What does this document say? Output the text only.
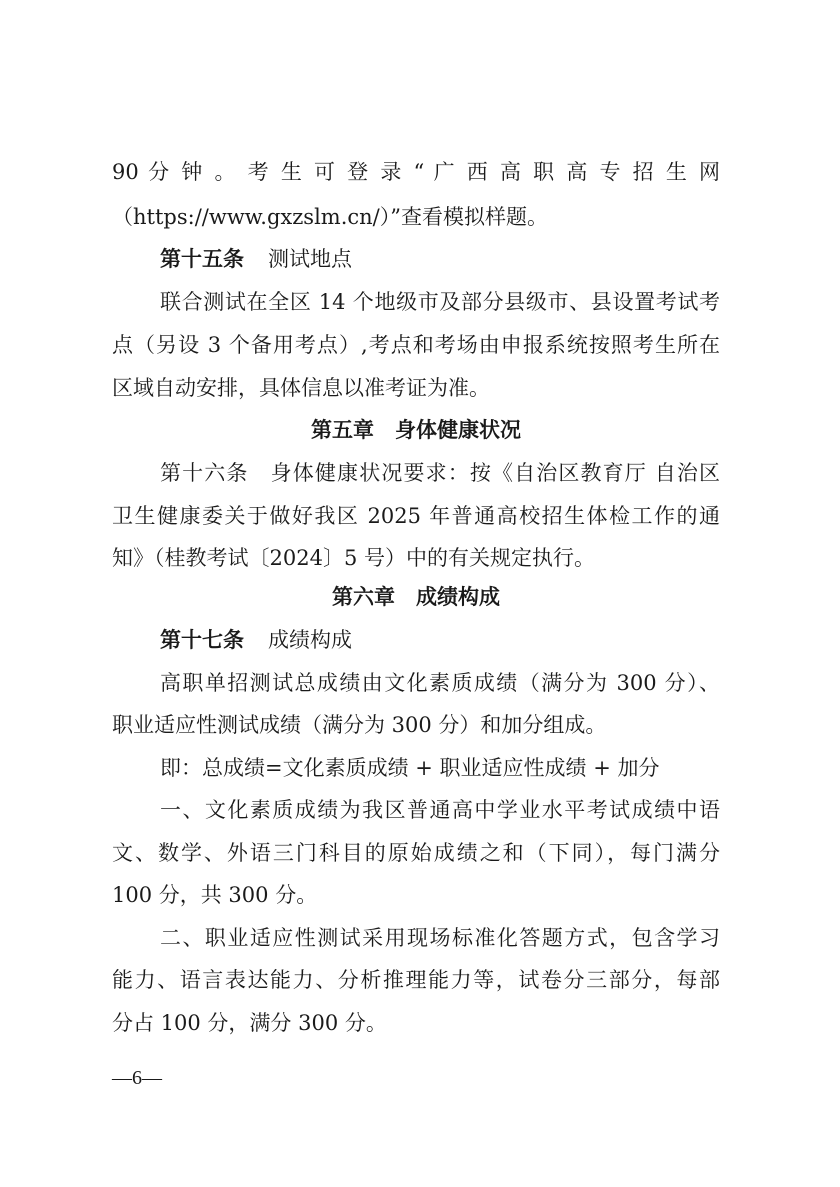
90 分 钟 。 考 生 可 登 录 “ 广 西 高 职 高 专 招 生 网
（https://www.gxzslm.cn/）”查看模拟样题。
第十五条 测试地点
联合测试在全区 14 个地级市及部分县级市、县设置考试考
点（另设 3 个备用考点）,考点和考场由申报系统按照考生所在
区域自动安排，具体信息以准考证为准。
第五章　身体健康状况
第十六条　身体健康状况要求：按《自治区教育厅 自治区
卫生健康委关于做好我区 2025 年普通高校招生体检工作的通
知》（桂教考试〔2024〕5 号）中的有关规定执行。
第六章　成绩构成
第十七条 成绩构成
高职单招测试总成绩由文化素质成绩（满分为 300 分）、
职业适应性测试成绩（满分为 300 分）和加分组成。
即：总成绩=文化素质成绩 + 职业适应性成绩 + 加分
一、文化素质成绩为我区普通高中学业水平考试成绩中语
文、数学、外语三门科目的原始成绩之和（下同），每门满分
100 分，共 300 分。
二、职业适应性测试采用现场标准化答题方式，包含学习
能力、语言表达能力、分析推理能力等，试卷分三部分，每部
分占 100 分，满分 300 分。
—6—
